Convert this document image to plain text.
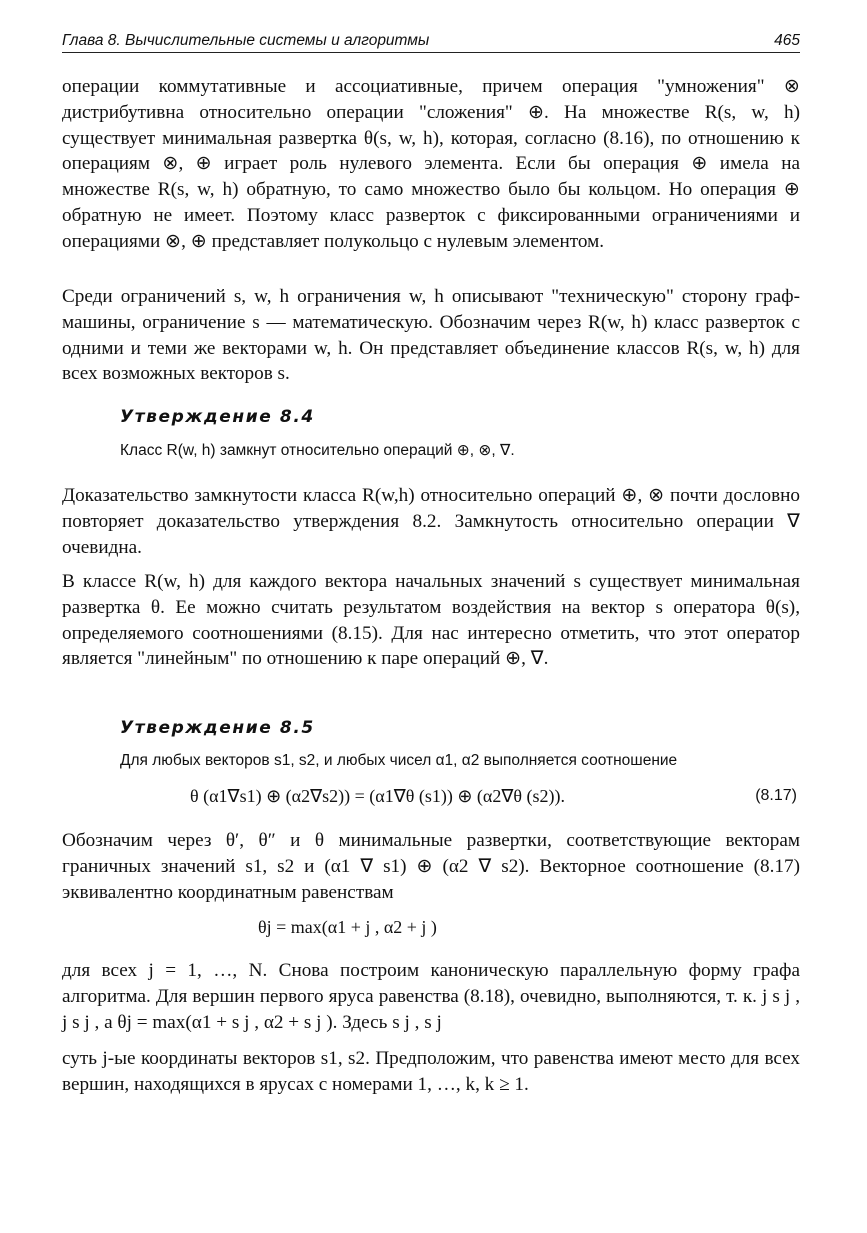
Глава 8. Вычислительные системы и алгоритмы	465

операции коммутативные и ассоциативные, причем операция "умножения" ⊗ дистрибутивна относительно операции "сложения" ⊕. На множестве R(s, w, h) существует минимальная развертка θ(s, w, h), которая, согласно (8.16), по отношению к операциям ⊗, ⊕ играет роль нулевого элемента. Если бы операция ⊕ имела на множестве R(s, w, h) обратную, то само множество было бы кольцом. Но операция ⊕ обратную не имеет. Поэтому класс разверток с фиксированными ограничениями и операциями ⊗, ⊕ представляет полукольцо с нулевым элементом.

Среди ограничений s, w, h ограничения w, h описывают "техническую" сторону граф-машины, ограничение s — математическую. Обозначим через R(w, h) класс разверток с одними и теми же векторами w, h. Он представляет объединение классов R(s, w, h) для всех возможных векторов s.

Утверждение 8.4
Класс R(w, h) замкнут относительно операций ⊕, ⊗, ∇.

Доказательство замкнутости класса R(w,h) относительно операций ⊕, ⊗ почти дословно повторяет доказательство утверждения 8.2. Замкнутость относительно операции ∇ очевидна.

В классе R(w, h) для каждого вектора начальных значений s существует минимальная развертка θ. Ее можно считать результатом воздействия на вектор s оператора θ(s), определяемого соотношениями (8.15). Для нас интересно отметить, что этот оператор является "линейным" по отношению к паре операций ⊕, ∇.

Утверждение 8.5
Для любых векторов s1, s2, и любых чисел α1, α2 выполняется соотношение
θ (α1∇s1) ⊕ (α2∇s2)) = (α1∇θ (s1)) ⊕ (α2∇θ (s2)).	(8.17)

Обозначим через θ′, θ″ и θ минимальные развертки, соответствующие векторам граничных значений s1, s2 и (α1 ∇ s1) ⊕ (α2 ∇ s2). Векторное соотношение (8.17) эквивалентно координатным равенствам

θj = max(α1 + j , α2 + j )

для всех j = 1, …, N. Снова построим каноническую параллельную форму графа алгоритма. Для вершин первого яруса равенства (8.18), очевидно, выполняются, т. к. j s j , j s j , а θj = max(α1 + s j , α2 + s j ). Здесь s j , s j

суть j-ые координаты векторов s1, s2. Предположим, что равенства имеют место для всех вершин, находящихся в ярусах с номерами 1, …, k, k ≥ 1.
